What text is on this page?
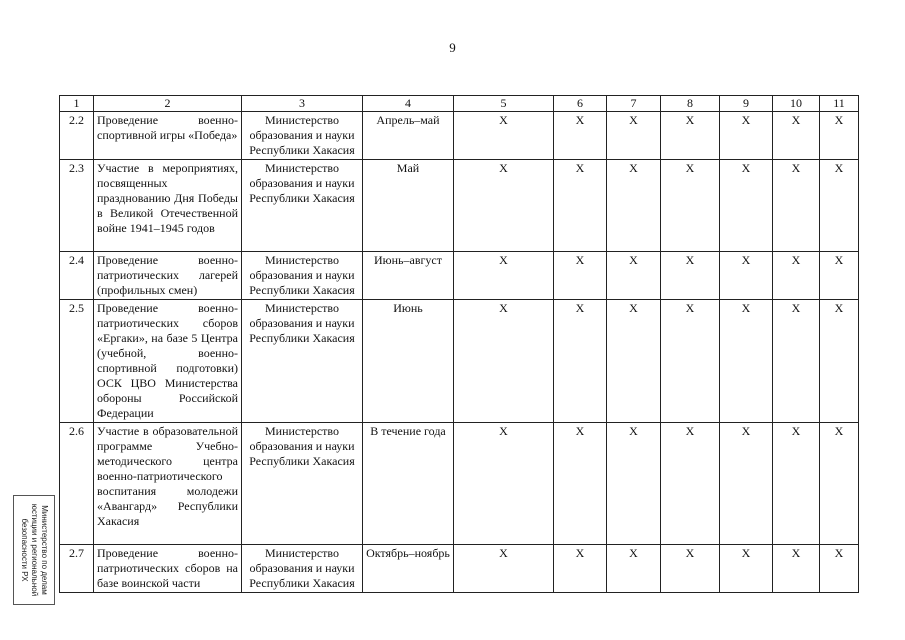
9
1	2	3	4	5	6	7	8	9	10	11
2.2	Проведение военно-спортивной игры «Победа»	Министерство образования и науки Республики Хакасия	Апрель–май	X	X	X	X	X	X	X
2.3	Участие в мероприятиях, посвященных празднованию Дня Победы в Великой Отечественной войне 1941–1945 годов	Министерство образования и науки Республики Хакасия	Май	X	X	X	X	X	X	X
2.4	Проведение военно-патриотических лагерей (профильных смен)	Министерство образования и науки Республики Хакасия	Июнь–август	X	X	X	X	X	X	X
2.5	Проведение военно-патриотических сборов «Ергаки», на базе 5 Центра (учебной, военно-спортивной подготовки) ОСК ЦВО Министерства обороны Российской Федерации	Министерство образования и науки Республики Хакасия	Июнь	X	X	X	X	X	X	X
2.6	Участие в образовательной программе Учебно-методического центра военно-патриотического воспитания молодежи «Авангард» Республики Хакасия	Министерство образования и науки Республики Хакасия	В течение года	X	X	X	X	X	X	X
2.7	Проведение военно-патриотических сборов на базе воинской части	Министерство образования и науки Республики Хакасия	Октябрь–ноябрь	X	X	X	X	X	X	X
Министерство по делам юстиции и региональной безопасности РХ
